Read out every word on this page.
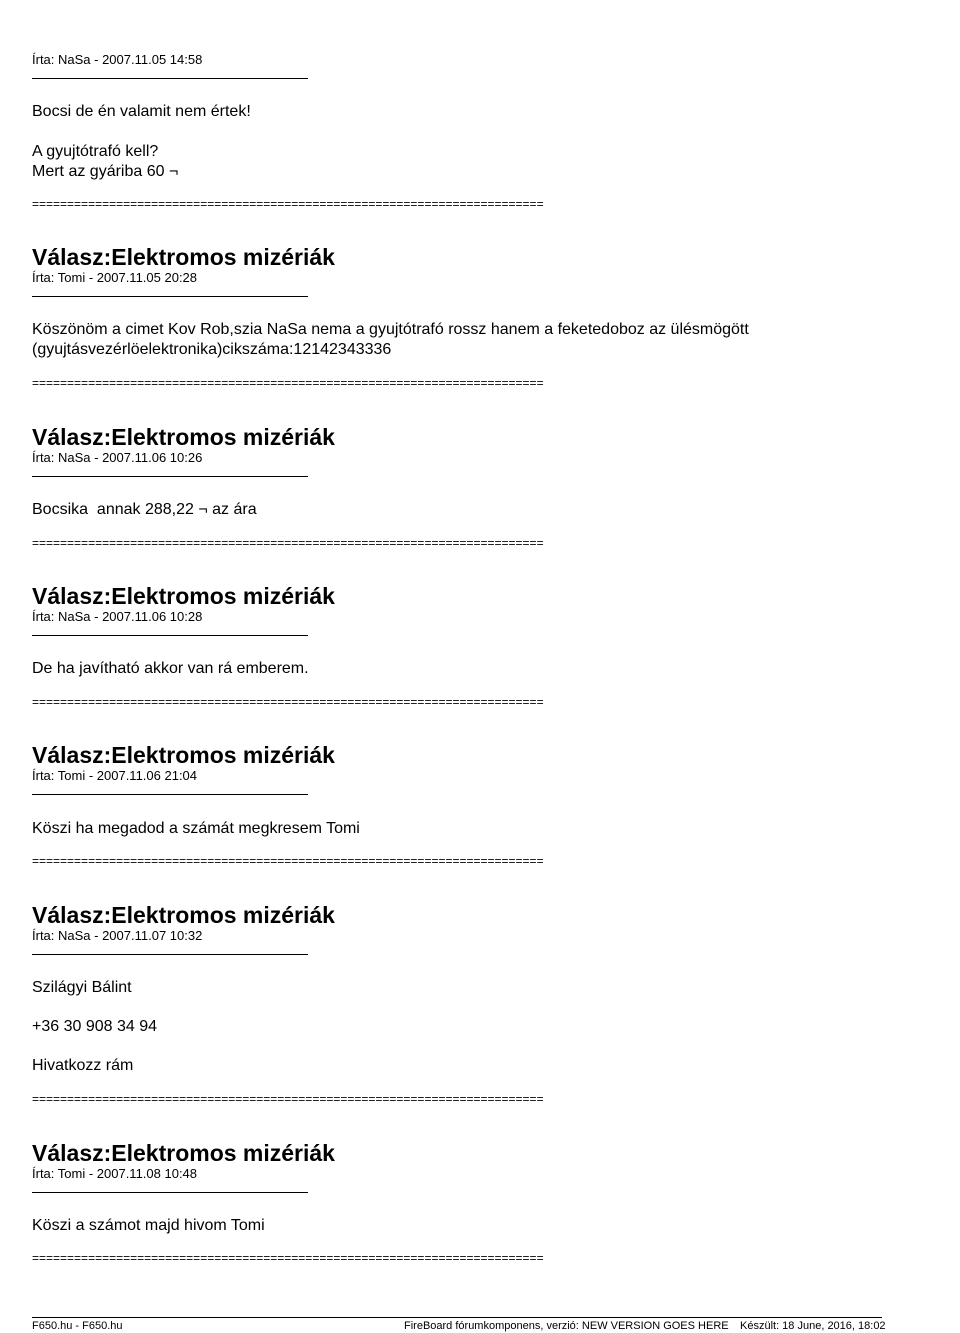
Írta: NaSa - 2007.11.05 14:58

Bocsi de én valamit nem értek!

A gyujtótrafó kell?

Mert az gyáriba 60 ¬

=========================================================================

Válasz:Elektromos mizériák

Írta: Tomi - 2007.11.05 20:28

Köszönöm a cimet Kov Rob,szia NaSa nema a gyujtótrafó rossz hanem a feketedoboz az ülésmögött

(gyujtásvezérlöelektronika)cikszáma:12142343336

=========================================================================

Válasz:Elektromos mizériák

Írta: NaSa - 2007.11.06 10:26

Bocsika  annak 288,22 ¬ az ára

=========================================================================

Válasz:Elektromos mizériák

Írta: NaSa - 2007.11.06 10:28

De ha javítható akkor van rá emberem.

=========================================================================

Válasz:Elektromos mizériák

Írta: Tomi - 2007.11.06 21:04

Köszi ha megadod a számát megkresem Tomi

=========================================================================

Válasz:Elektromos mizériák

Írta: NaSa - 2007.11.07 10:32

Szilágyi Bálint

+36 30 908 34 94

Hivatkozz rám

=========================================================================

Válasz:Elektromos mizériák

Írta: Tomi - 2007.11.08 10:48

Köszi a számot majd hivom Tomi

=========================================================================

F650.hu - F650.hu	FireBoard fórumkomponens, verzió: NEW VERSION GOES HERE Készült: 18 June, 2016, 18:02
